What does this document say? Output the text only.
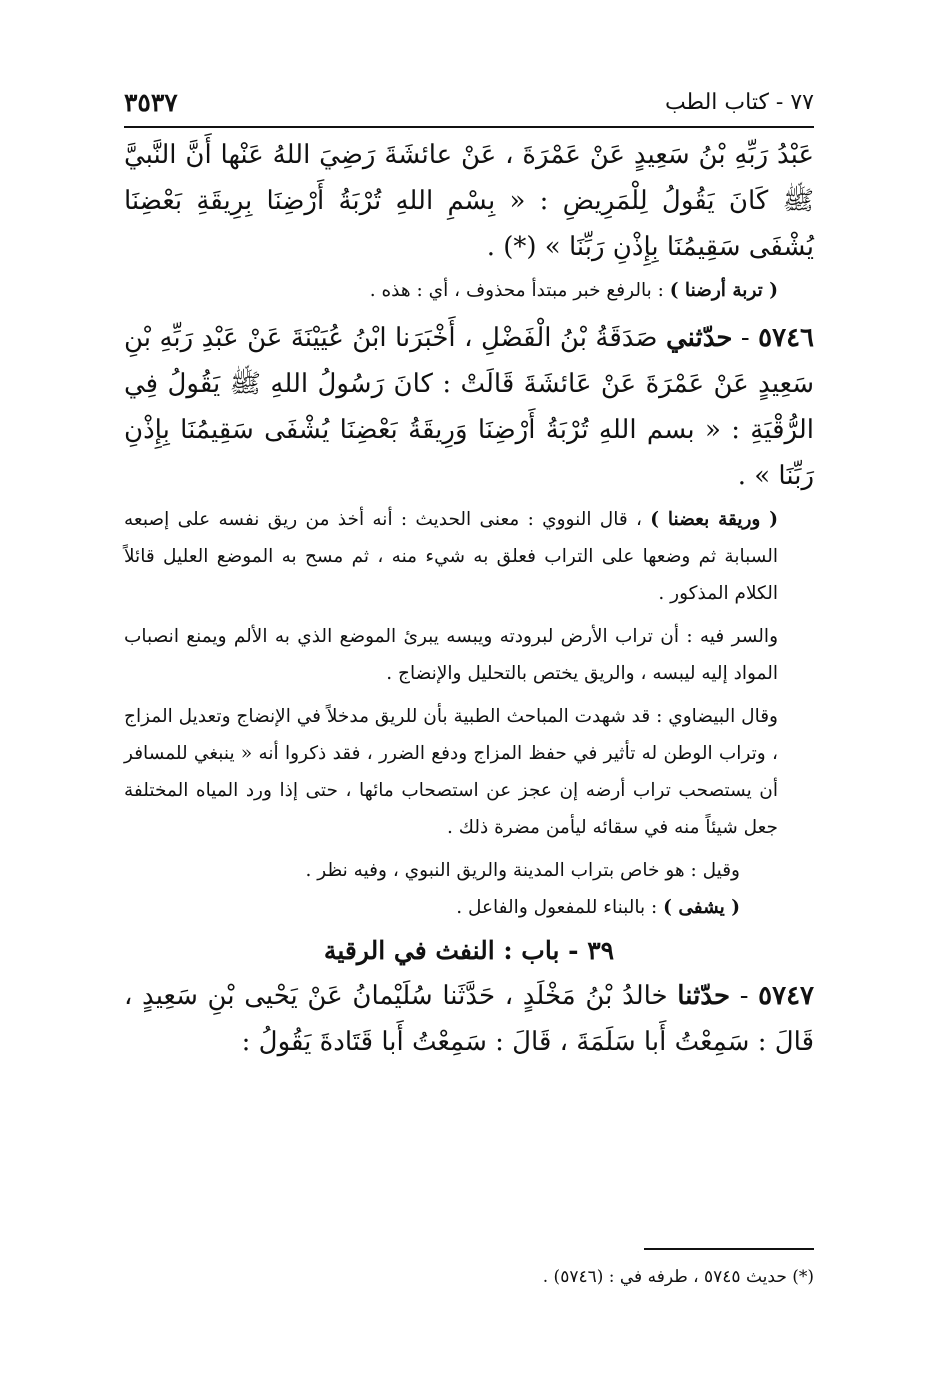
٧٧ - كتاب الطب
٣٥٣٧

عَبْدُ رَبِّهِ بْنُ سَعِيدٍ عَنْ عَمْرَةَ ، عَنْ عائشَةَ رَضِيَ اللهُ عَنْها أَنَّ النَّبيَّ ﷺ كَانَ يَقُولُ لِلْمَرِيضِ : « بِسْمِ اللهِ تُرْبَةُ أَرْضِنَا بِرِيقَةِ بَعْضِنَا يُشْفَى سَقِيمُنَا بِإِذْنِ رَبِّنَا » (*) .

( تربة أرضنا ) : بالرفع خبر مبتدأ محذوف ، أي : هذه .

٥٧٤٦ - حدّثني صَدَقَةُ بْنُ الْفَضْلِ ، أَخْبَرَنا ابْنُ عُيَيْنَةَ عَنْ عَبْدِ رَبِّهِ بْنِ سَعِيدٍ عَنْ عَمْرَةَ عَنْ عَائشَةَ قَالَتْ : كانَ رَسُولُ اللهِ ﷺ يَقُولُ فِي الرُّقْيَةِ : « بسم اللهِ تُرْبَةُ أَرْضِنَا وَرِيقَةُ بَعْضِنَا يُشْفَى سَقِيمُنَا بِإِذْنِ رَبِّنَا » .

( وريقة بعضنا ) ، قال النووي : معنى الحديث : أنه أخذ من ريق نفسه على إصبعه السبابة ثم وضعها على التراب فعلق به شيء منه ، ثم مسح به الموضع العليل قائلاً الكلام المذكور .

والسر فيه : أن تراب الأرض لبرودته ويبسه يبرئ الموضع الذي به الألم ويمنع انصباب المواد إليه ليبسه ، والريق يختص بالتحليل والإنضاج .

وقال البيضاوي : قد شهدت المباحث الطبية بأن للريق مدخلاً في الإنضاج وتعديل المزاج ، وتراب الوطن له تأثير في حفظ المزاج ودفع الضرر ، فقد ذكروا أنه « ينبغي للمسافر أن يستصحب تراب أرضه إن عجز عن استصحاب مائها ، حتى إذا ورد المياه المختلفة جعل شيئاً منه في سقائه ليأمن مضرة ذلك .

وقيل : هو خاص بتراب المدينة والريق النبوي ، وفيه نظر .

( يشفى ) : بالبناء للمفعول والفاعل .

٣٩ - باب : النفث في الرقية

٥٧٤٧ - حدّثنا خالدُ بْنُ مَخْلَدٍ ، حَدَّثَنا سُلَيْمانُ عَنْ يَحْيى بْنِ سَعِيدٍ ، قَالَ : سَمِعْتُ أَبا سَلَمَةَ ، قَالَ : سَمِعْتُ أَبا قَتَادةَ يَقُولُ :

(*) حديث ٥٧٤٥ ، طرفه في : (٥٧٤٦) .
